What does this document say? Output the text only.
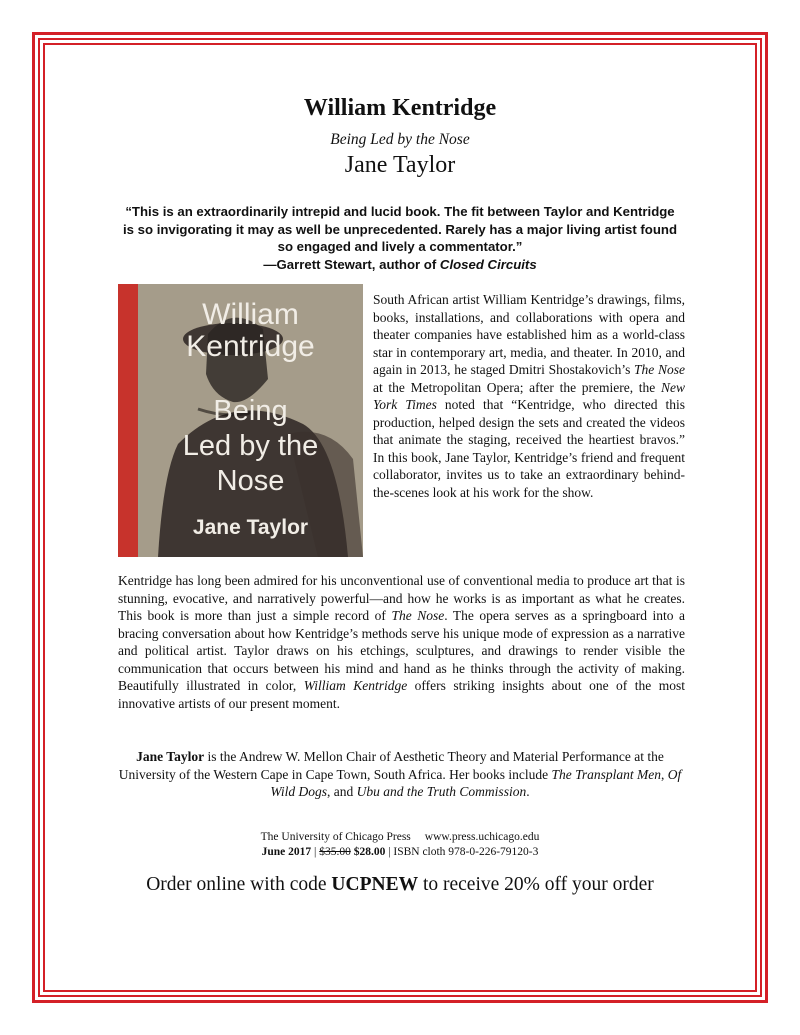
William Kentridge
Being Led by the Nose
Jane Taylor
“This is an extraordinarily intrepid and lucid book. The fit between Taylor and Kentridge is so invigorating it may as well be unprecedented. Rarely has a major living artist found so engaged and lively a commentator.”
—Garrett Stewart, author of Closed Circuits
William
Kentridge
Being
Led by the
Nose
Jane Taylor

South African artist William Kentridge’s drawings, films, books, installations, and collaborations with opera and theater companies have established him as a world-class star in contemporary art, media, and theater. In 2010, and again in 2013, he staged Dmitri Shostakovich’s The Nose at the Metropolitan Opera; after the premiere, the New York Times noted that “Kentridge, who directed this production, helped design the sets and created the videos that animate the staging, received the heartiest bravos.” In this book, Jane Taylor, Kentridge’s friend and frequent collaborator, invites us to take an extraordinary behind-the-scenes look at his work for the show.

Kentridge has long been admired for his unconventional use of conventional media to produce art that is stunning, evocative, and narratively powerful—and how he works is as important as what he creates. This book is more than just a simple record of The Nose. The opera serves as a springboard into a bracing conversation about how Kentridge’s methods serve his unique mode of expression as a narrative and political artist. Taylor draws on his etchings, sculptures, and drawings to render visible the communication that occurs between his mind and hand as he thinks through the activity of making. Beautifully illustrated in color, William Kentridge offers striking insights about one of the most innovative artists of our present moment.

Jane Taylor is the Andrew W. Mellon Chair of Aesthetic Theory and Material Performance at the University of the Western Cape in Cape Town, South Africa. Her books include The Transplant Men, Of Wild Dogs, and Ubu and the Truth Commission.

The University of Chicago Press www.press.uchicago.edu
June 2017 | $35.00 $28.00 | ISBN cloth 978-0-226-79120-3
Order online with code UCPNEW to receive 20% off your order
